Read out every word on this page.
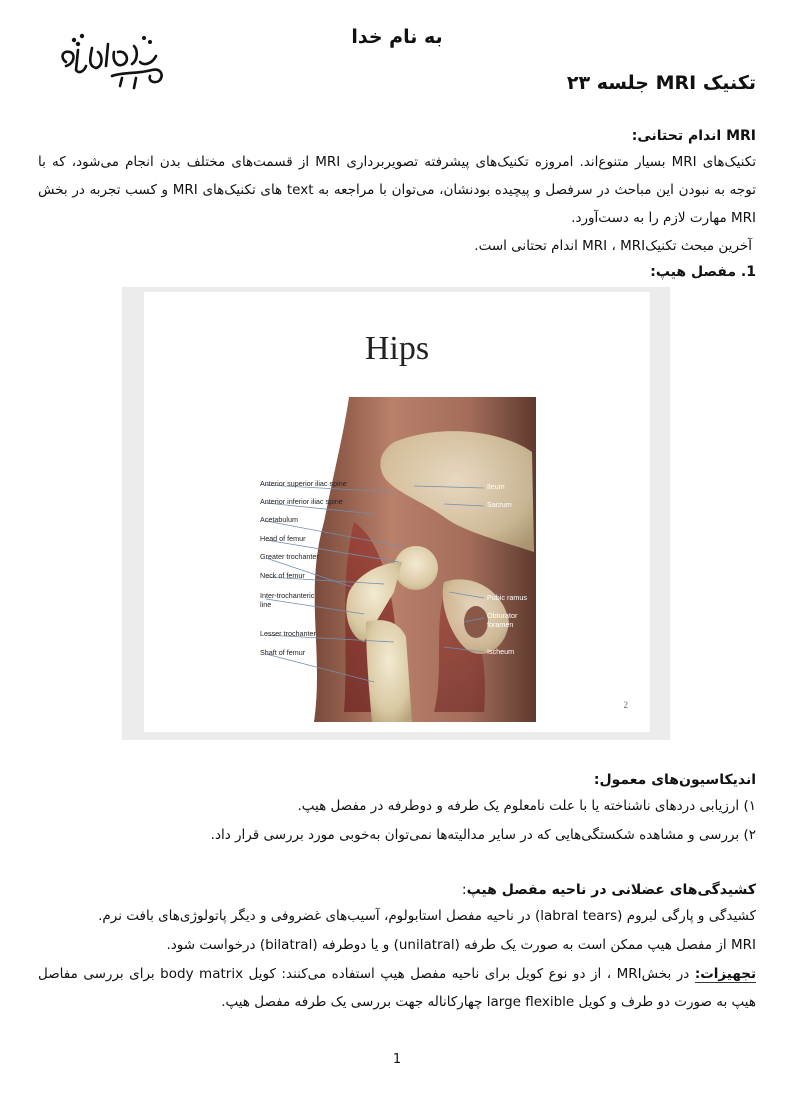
به نام خدا
تکنیک MRI جلسه ۲۳

MRI اندام تحتانی:

تکنیک‌های MRI بسیار متنوع‌اند. امروزه تکنیک‌های پیشرفته تصویربرداری MRI از قسمت‌های مختلف بدن انجام می‌شود، که با توجه به نبودن این مباحث در سرفصل و پیچیده بودنشان، می‌توان با مراجعه به text های تکنیک‌های MRI و کسب تجربه در بخش MRI مهارت لازم را به دست‌آورد.

آخرین مبحث تکنیکMRI ، MRI اندام تحتانی است.

1. مفصل هیپ:

Hips
Anterior superior iliac spine
Anterior inferior iliac spine
Acetabulum
Head of femur
Greater trochanter
Neck of femur
Inter-trochanteric
line
Lesser trochanter
Shaft of femur
Ileum
Sacrum
Pubic ramus
Obturator
foramen
Ischeum
2

اندیکاسیون‌های معمول:

۱) ارزیابی دردهای ناشناخته یا با علت نامعلوم یک طرفه و دوطرفه در مفصل هیپ.

۲) بررسی و مشاهده شکستگی‌هایی که در سایر مدالیته‌ها نمی‌توان به‌خوبی مورد بررسی قرار داد.

کشیدگی‌های عضلانی در ناحیه مفصل هیپ:

کشیدگی و پارگی لبروم (labral tears) در ناحیه مفصل استابولوم، آسیب‌های غضروفی و دیگر پاتولوژی‌های بافت نرم.

MRI از مفصل هیپ ممکن است به صورت یک طرفه (unilatral) و یا دوطرفه (bilatral) درخواست شود.

تجهیزات: در بخشMRI ، از دو نوع کویل برای ناحیه مفصل هیپ استفاده می‌کنند: کویل body matrix برای بررسی مفاصل هیپ به صورت دو طرف و کویل large flexible چهارکاناله جهت بررسی یک طرفه مفصل هیپ.

1
